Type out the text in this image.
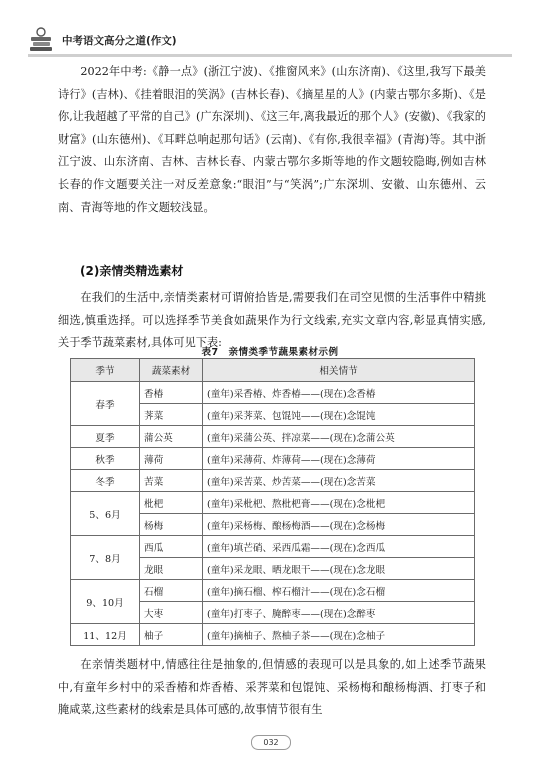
中考语文高分之道(作文)

2022年中考:《静一点》(浙江宁波)、《推窗风来》(山东济南)、《这里,我写下最美诗行》(吉林)、《挂着眼泪的笑涡》(吉林长春)、《摘星星的人》(内蒙古鄂尔多斯)、《是你,让我超越了平常的自己》(广东深圳)、《这三年,离我最近的那个人》(安徽)、《我家的财富》(山东德州)、《耳畔总响起那句话》(云南)、《有你,我很幸福》(青海)等。其中浙江宁波、山东济南、吉林、吉林长春、内蒙古鄂尔多斯等地的作文题较隐晦,例如吉林长春的作文题要关注一对反差意象:“眼泪”与“笑涡”;广东深圳、安徽、山东德州、云南、青海等地的作文题较浅显。

(2)亲情类精选素材

在我们的生活中,亲情类素材可谓俯拾皆是,需要我们在司空见惯的生活事件中精挑细选,慎重选择。可以选择季节美食如蔬果作为行文线索,充实文章内容,彰显真情实感,关于季节蔬菜素材,具体可见下表:

表7　亲情类季节蔬果素材示例
季节	蔬菜素材	相关情节
春季	香椿	(童年)采香椿、炸香椿——(现在)念香椿
	荠菜	(童年)采荠菜、包馄饨——(现在)念馄饨
夏季	蒲公英	(童年)采蒲公英、拌凉菜——(现在)念蒲公英
秋季	薄荷	(童年)采薄荷、炸薄荷——(现在)念薄荷
冬季	苦菜	(童年)采苦菜、炒苦菜——(现在)念苦菜
5、6月	枇杷	(童年)采枇杷、熬枇杷膏——(现在)念枇杷
	杨梅	(童年)采杨梅、酿杨梅酒——(现在)念杨梅
7、8月	西瓜	(童年)填芒硝、采西瓜霜——(现在)念西瓜
	龙眼	(童年)采龙眼、晒龙眼干——(现在)念龙眼
9、10月	石榴	(童年)摘石榴、榨石榴汁——(现在)念石榴
	大枣	(童年)打枣子、腌醉枣——(现在)念醉枣
11、12月	柚子	(童年)摘柚子、熬柚子茶——(现在)念柚子

在亲情类题材中,情感往往是抽象的,但情感的表现可以是具象的,如上述季节蔬果中,有童年乡村中的采香椿和炸香椿、采荠菜和包馄饨、采杨梅和酿杨梅酒、打枣子和腌咸菜,这些素材的线索是具体可感的,故事情节很有生

032
